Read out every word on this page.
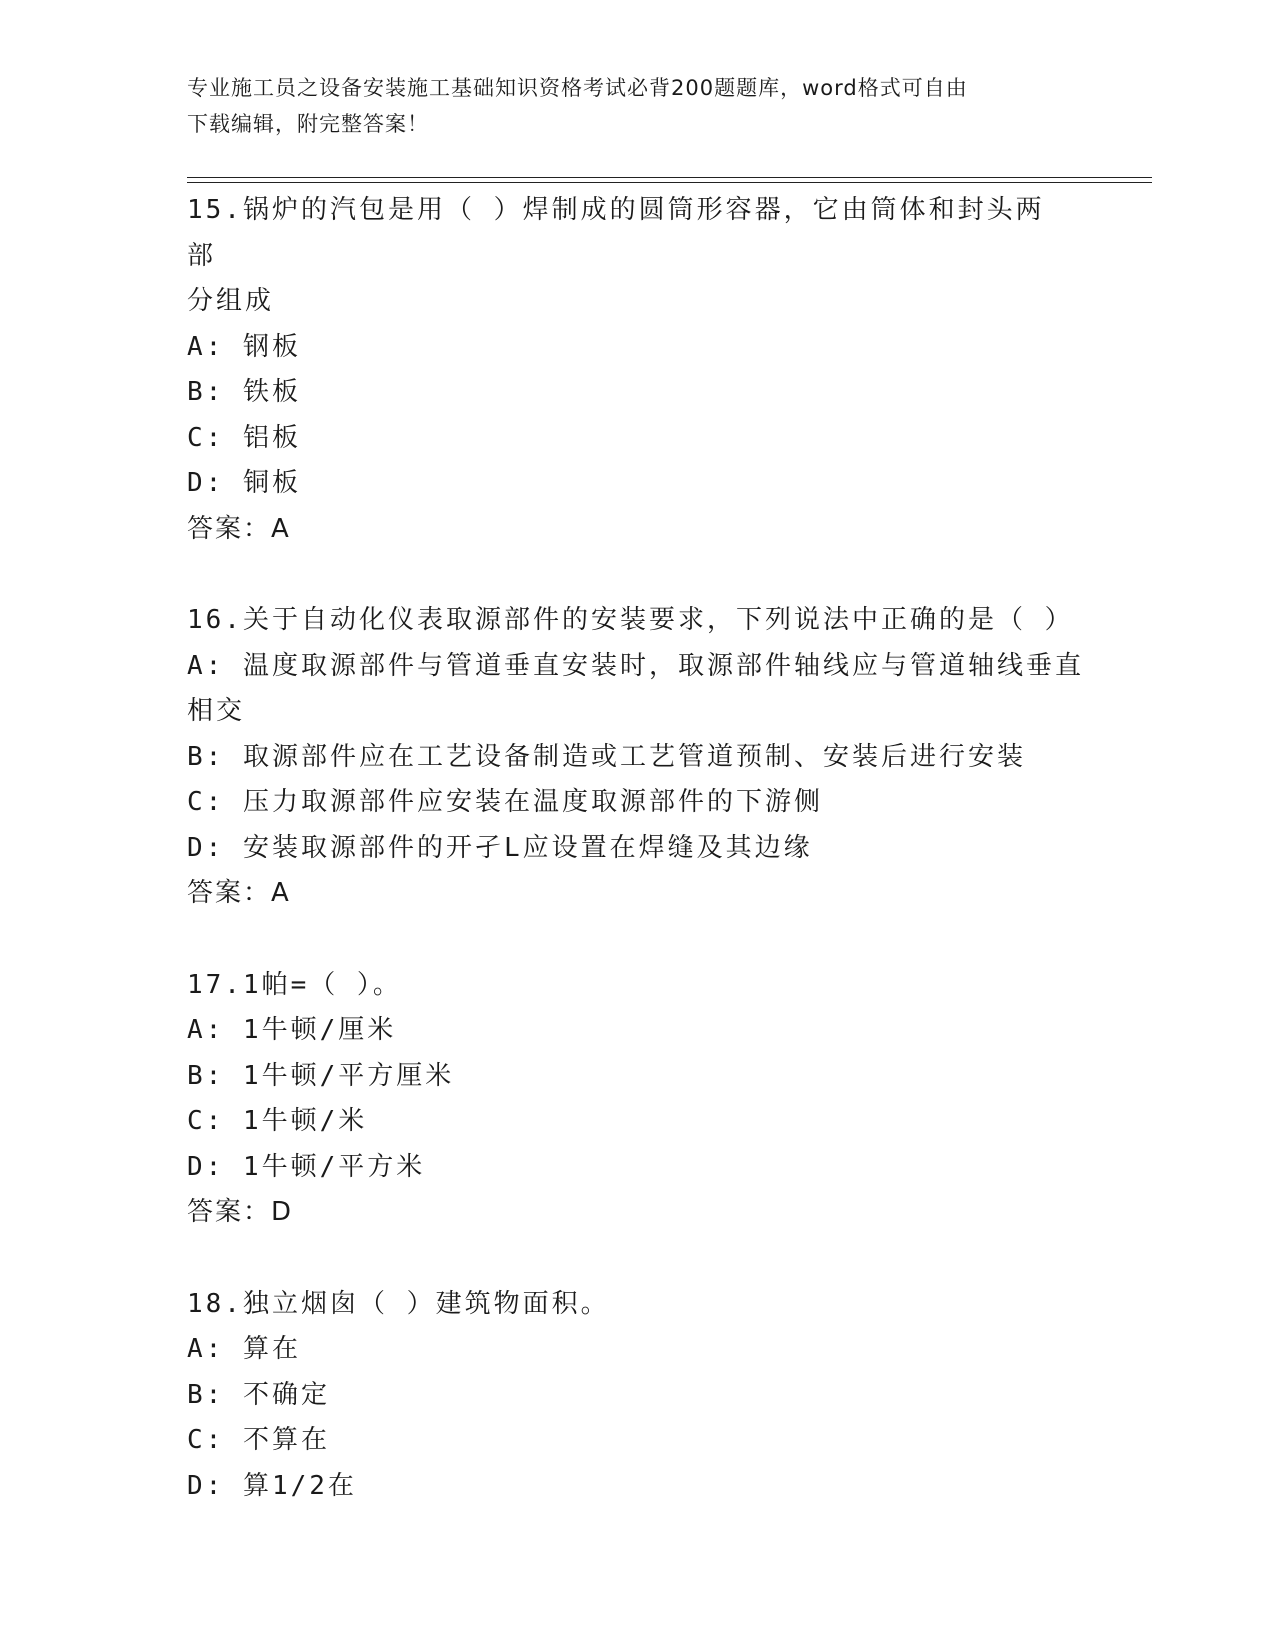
专业施工员之设备安装施工基础知识资格考试必背200题题库，word格式可自由
下载编辑，附完整答案！
15.锅炉的汽包是用（ ）焊制成的圆筒形容器，它由筒体和封头两部
分组成
A: 钢板
B: 铁板
C: 铝板
D: 铜板
答案：A
16.关于自动化仪表取源部件的安装要求，下列说法中正确的是（ ）
A: 温度取源部件与管道垂直安装时，取源部件轴线应与管道轴线垂直
相交
B: 取源部件应在工艺设备制造或工艺管道预制、安装后进行安装
C: 压力取源部件应安装在温度取源部件的下游侧
D: 安装取源部件的开孑L应设置在焊缝及其边缘
答案：A
17.1帕=（ ）。
A: 1牛顿/厘米
B: 1牛顿/平方厘米
C: 1牛顿/米
D: 1牛顿/平方米
答案：D
18.独立烟囱（ ）建筑物面积。
A: 算在
B: 不确定
C: 不算在
D: 算1/2在
